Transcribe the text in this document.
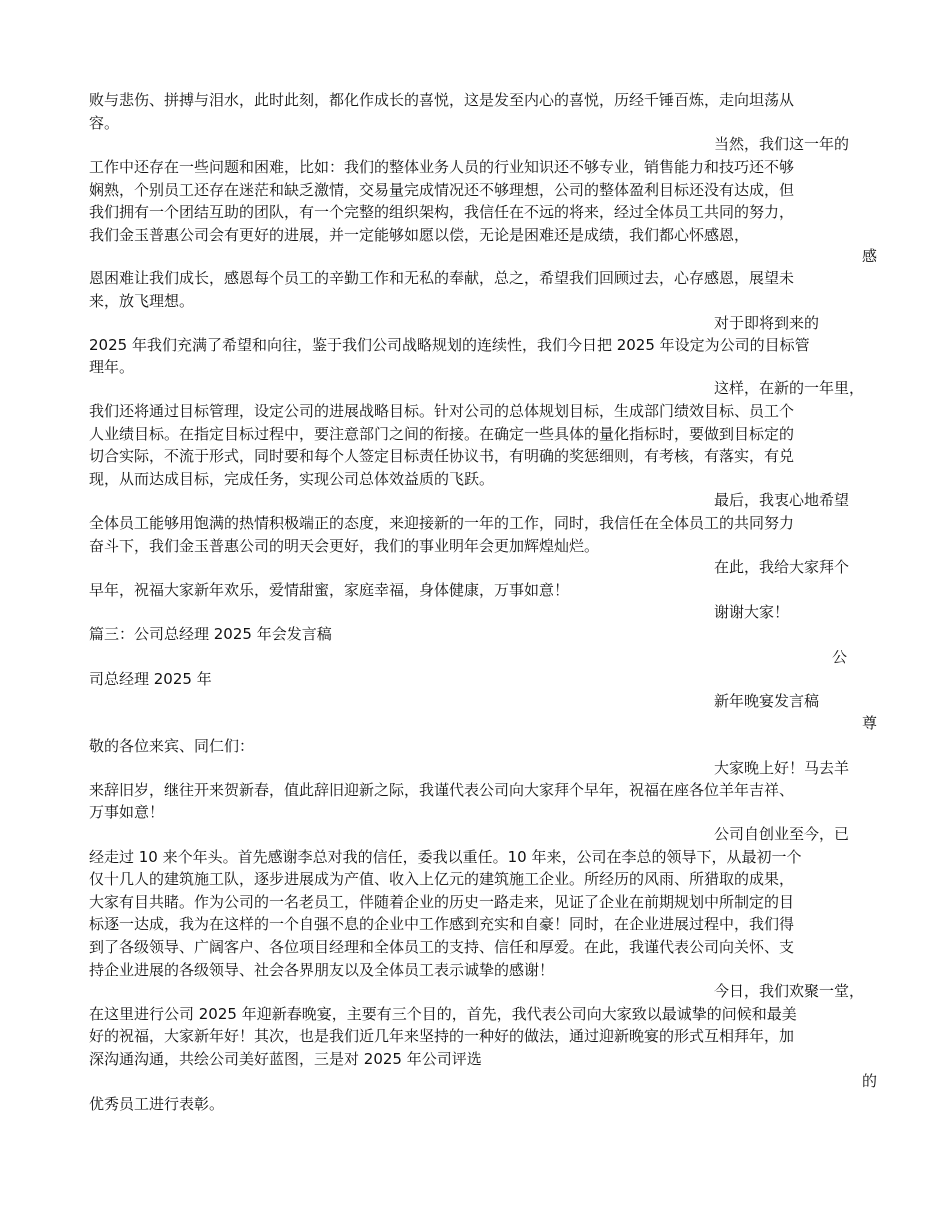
败与悲伤、拼搏与泪水，此时此刻，都化作成长的喜悦，这是发至内心的喜悦，历经千锤百炼，走向坦荡从
容。
当然，我们这一年的
工作中还存在一些问题和困难，比如：我们的整体业务人员的行业知识还不够专业，销售能力和技巧还不够
娴熟，个别员工还存在迷茫和缺乏激情，交易量完成情况还不够理想，公司的整体盈利目标还没有达成，但
我们拥有一个团结互助的团队，有一个完整的组织架构，我信任在不远的将来，经过全体员工共同的努力，
我们金玉普惠公司会有更好的进展，并一定能够如愿以偿，无论是困难还是成绩，我们都心怀感恩，
感
恩困难让我们成长，感恩每个员工的辛勤工作和无私的奉献，总之，希望我们回顾过去，心存感恩，展望未
来，放飞理想。
对于即将到来的
2025 年我们充满了希望和向往，鉴于我们公司战略规划的连续性，我们今日把 2025 年设定为公司的目标管
理年。
这样，在新的一年里，
我们还将通过目标管理，设定公司的进展战略目标。针对公司的总体规划目标，生成部门绩效目标、员工个
人业绩目标。在指定目标过程中，要注意部门之间的衔接。在确定一些具体的量化指标时，要做到目标定的
切合实际，不流于形式，同时要和每个人签定目标责任协议书，有明确的奖惩细则，有考核，有落实，有兑
现，从而达成目标，完成任务，实现公司总体效益质的飞跃。
最后，我衷心地希望
全体员工能够用饱满的热情积极端正的态度，来迎接新的一年的工作，同时，我信任在全体员工的共同努力
奋斗下，我们金玉普惠公司的明天会更好，我们的事业明年会更加辉煌灿烂。
在此，我给大家拜个
早年，祝福大家新年欢乐，爱情甜蜜，家庭幸福，身体健康，万事如意！
谢谢大家！
篇三：公司总经理 2025 年会发言稿
公
司总经理 2025 年
新年晚宴发言稿
尊
敬的各位来宾、同仁们：
大家晚上好！马去羊
来辞旧岁，继往开来贺新春，值此辞旧迎新之际，我谨代表公司向大家拜个早年，祝福在座各位羊年吉祥、
万事如意！
公司自创业至今，已
经走过 10 来个年头。首先感谢李总对我的信任，委我以重任。10 年来，公司在李总的领导下，从最初一个
仅十几人的建筑施工队，逐步进展成为产值、收入上亿元的建筑施工企业。所经历的风雨、所猎取的成果，
大家有目共睹。作为公司的一名老员工，伴随着企业的历史一路走来，见证了企业在前期规划中所制定的目
标逐一达成，我为在这样的一个自强不息的企业中工作感到充实和自豪！同时，在企业进展过程中，我们得
到了各级领导、广阔客户、各位项目经理和全体员工的支持、信任和厚爱。在此，我谨代表公司向关怀、支
持企业进展的各级领导、社会各界朋友以及全体员工表示诚挚的感谢！
今日，我们欢聚一堂，
在这里进行公司 2025 年迎新春晚宴，主要有三个目的，首先，我代表公司向大家致以最诚挚的问候和最美
好的祝福，大家新年好！其次，也是我们近几年来坚持的一种好的做法，通过迎新晚宴的形式互相拜年，加
深沟通沟通，共绘公司美好蓝图，三是对 2025 年公司评选
的
优秀员工进行表彰。
